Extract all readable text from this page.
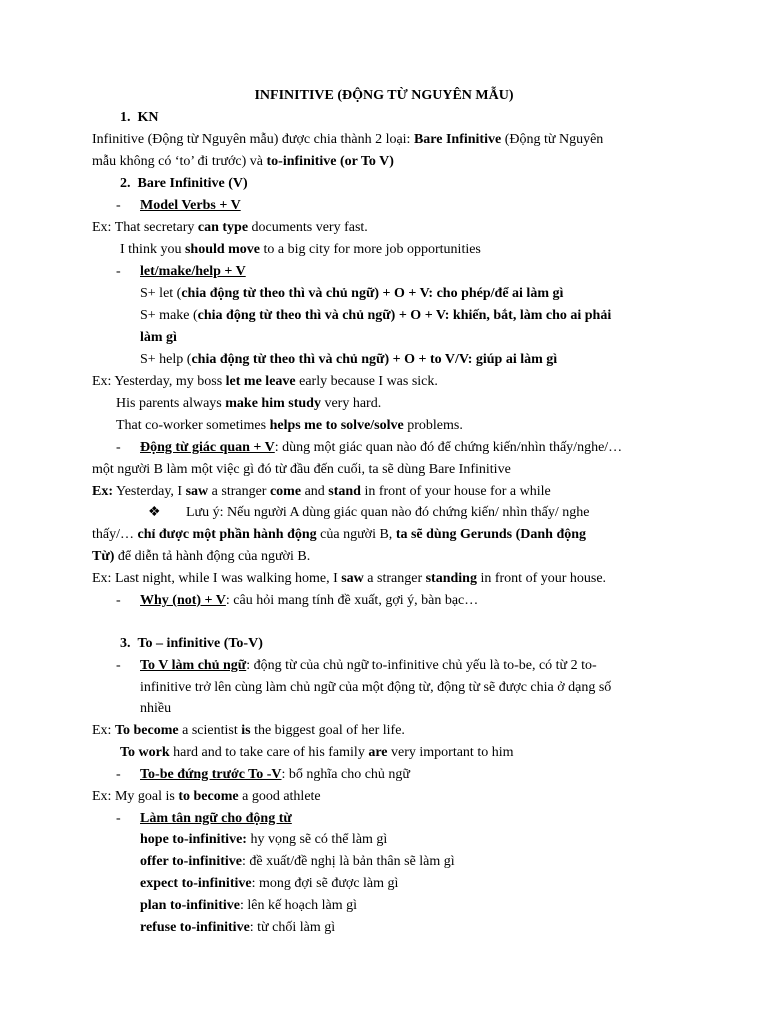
INFINITIVE (ĐỘNG TỪ NGUYÊN MẪU)
1. KN
Infinitive (Động từ Nguyên mẫu) được chia thành 2 loại: Bare Infinitive (Động từ Nguyên
mẫu không có ‘to’ đi trước) và to-infinitive (or To V)
2. Bare Infinitive (V)
- Model Verbs + V
Ex: That secretary can type documents very fast.
I think you should move to a big city for more job opportunities
- let/make/help + V
S+ let (chia động từ theo thì và chủ ngữ) + O + V: cho phép/để ai làm gì
S+ make (chia động từ theo thì và chủ ngữ) + O + V: khiến, bắt, làm cho ai phải
làm gì
S+ help (chia động từ theo thì và chủ ngữ) + O + to V/V: giúp ai làm gì
Ex: Yesterday, my boss let me leave early because I was sick.
His parents always make him study very hard.
That co-worker sometimes helps me to solve/solve problems.
- Động từ giác quan + V: dùng một giác quan nào đó để chứng kiến/nhìn thấy/nghe/…
một người B làm một việc gì đó từ đầu đến cuối, ta sẽ dùng Bare Infinitive
Ex: Yesterday, I saw a stranger come and stand in front of your house for a while
❖ Lưu ý: Nếu người A dùng giác quan nào đó chứng kiến/ nhìn thấy/ nghe
thấy/… chỉ được một phần hành động của người B, ta sẽ dùng Gerunds (Danh động
Từ) để diễn tả hành động của người B.
Ex: Last night, while I was walking home, I saw a stranger standing in front of your house.
- Why (not) + V: câu hỏi mang tính đề xuất, gợi ý, bàn bạc…
3. To – infinitive (To-V)
- To V làm chủ ngữ: động từ của chủ ngữ to-infinitive chủ yếu là to-be, có từ 2 to-
infinitive trở lên cùng làm chủ ngữ của một động từ, động từ sẽ được chia ở dạng số
nhiều
Ex: To become a scientist is the biggest goal of her life.
To work hard and to take care of his family are very important to him
- To-be đứng trước To -V: bổ nghĩa cho chủ ngữ
Ex: My goal is to become a good athlete
- Làm tân ngữ cho động từ
hope to-infinitive: hy vọng sẽ có thể làm gì
offer to-infinitive: đề xuất/đề nghị là bản thân sẽ làm gì
expect to-infinitive: mong đợi sẽ được làm gì
plan to-infinitive: lên kế hoạch làm gì
refuse to-infinitive: từ chối làm gì
